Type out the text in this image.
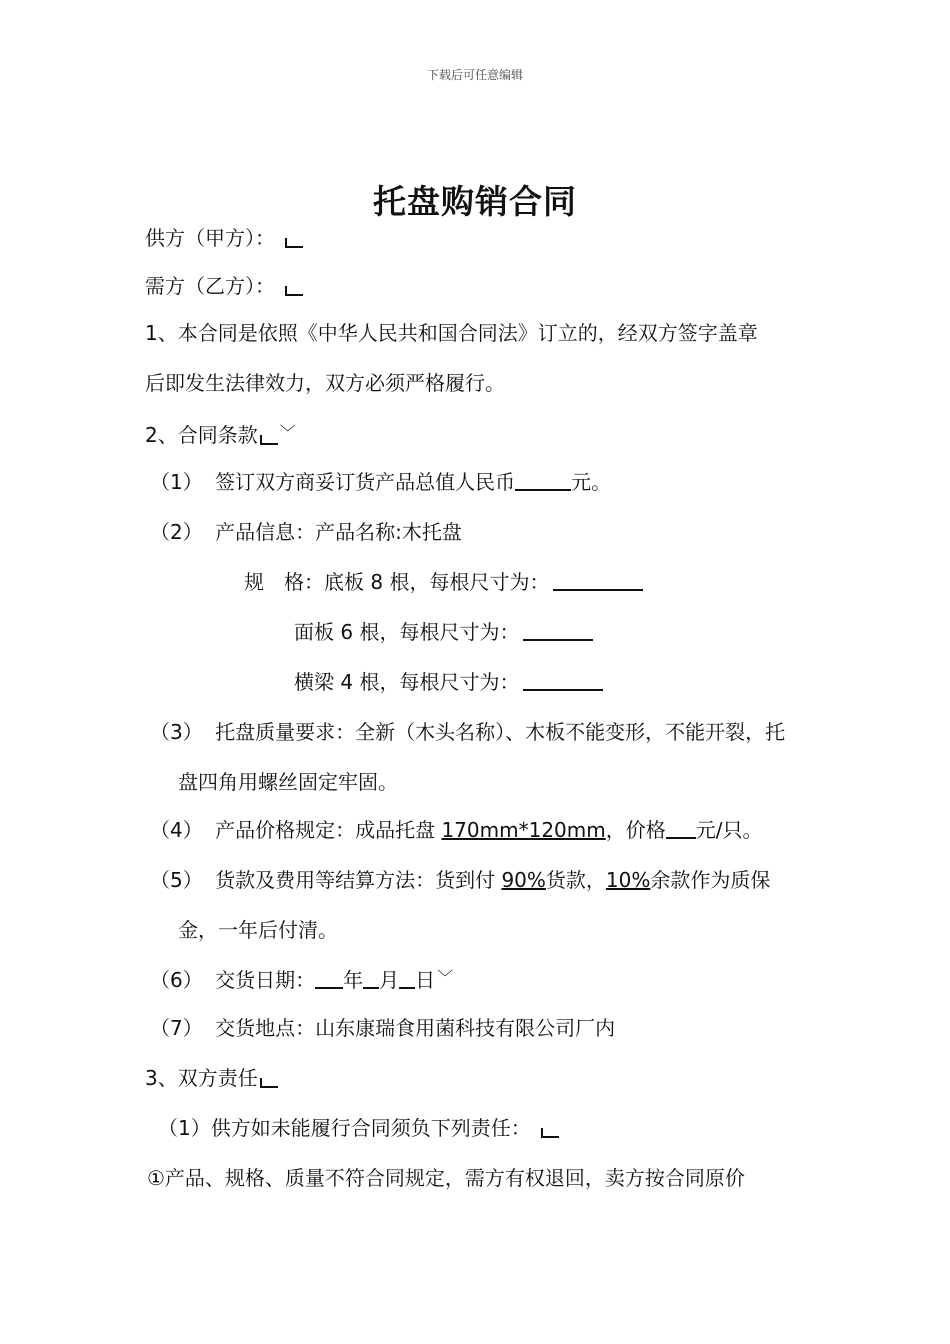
下载后可任意编辑
托盘购销合同
供方（甲方）：
需方（乙方）：
1、本合同是依照《中华人民共和国合同法》订立的，经双方签字盖章
后即发生法律效力，双方必须严格履行。
2、合同条款 ﹀
（1） 签订双方商妥订货产品总值人民币	元。
（2） 产品信息：产品名称:木托盘
规　格：底板 8 根，每根尺寸为：
面板 6 根，每根尺寸为：
横梁 4 根，每根尺寸为：
（3） 托盘质量要求：全新（木头名称）、木板不能变形，不能开裂，托
盘四角用螺丝固定牢固。
（4） 产品价格规定：成品托盘 170mm*120mm，价格 元/只。
（5） 货款及费用等结算方法：货到付 90%货款，10%余款作为质保
金，一年后付清。
（6） 交货日期： 年 月 日 ﹀
（7） 交货地点：山东康瑞食用菌科技有限公司厂内
3、双方责任
（1）供方如未能履行合同须负下列责任：
①产品、规格、质量不符合同规定，需方有权退回，卖方按合同原价
